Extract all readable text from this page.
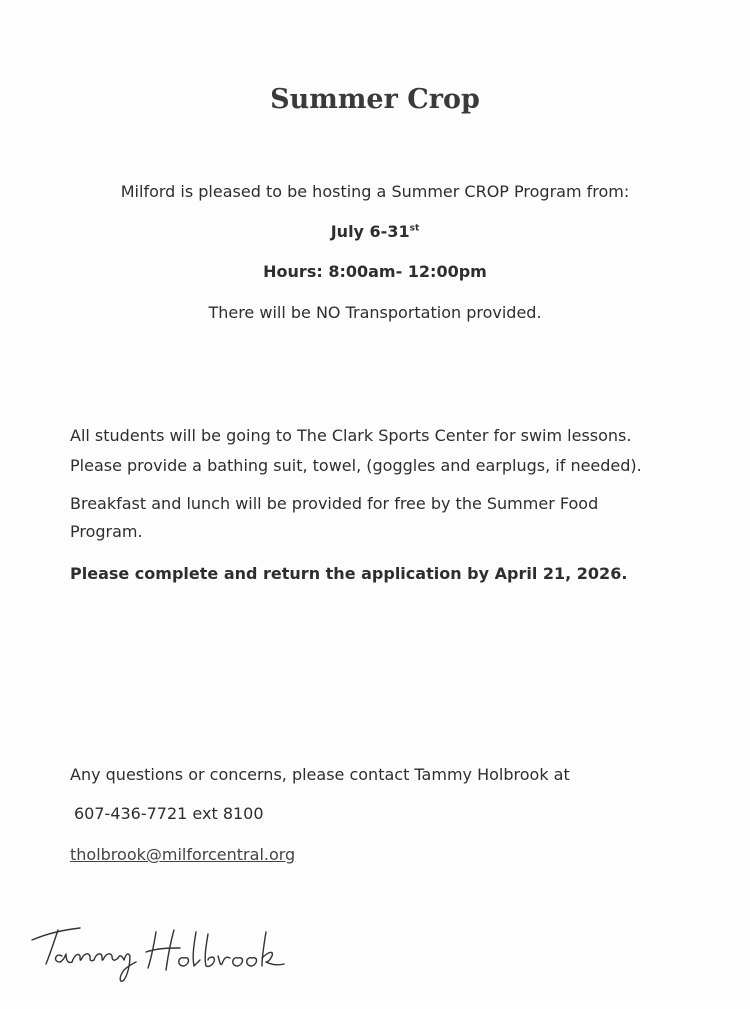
Summer Crop
Milford is pleased to be hosting a Summer CROP Program from:
July 6-31st
Hours: 8:00am- 12:00pm
There will be NO Transportation provided.
All students will be going to The Clark Sports Center for swim lessons.
Please provide a bathing suit, towel, (goggles and earplugs, if needed).
Breakfast and lunch will be provided for free by the Summer Food
Program.
Please complete and return the application by April 21, 2026.
Any questions or concerns, please contact Tammy Holbrook at
607-436-7721 ext 8100
tholbrook@milforcentral.org
